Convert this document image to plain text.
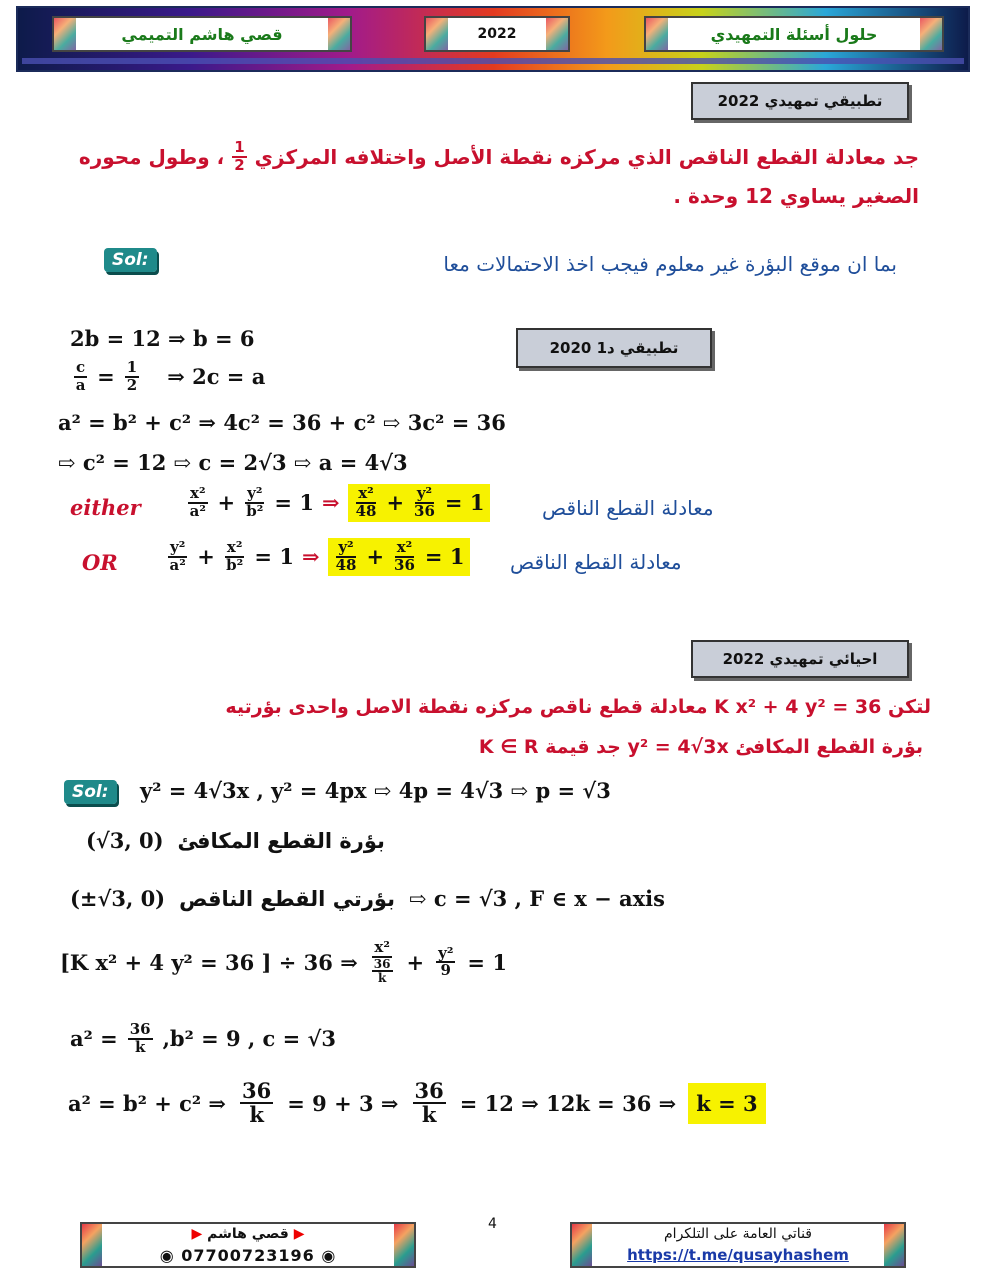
قصي هاشم التميمي	2022	حلول أسئلة التمهيدي
2022 تطبيقي تمهيدي
جد معادلة القطع الناقص الذي مركزه نقطة الأصل واختلافه المركزي
$\frac{1}{2}$
، وطول محوره
الصغير يساوي 12 وحدة .
Sol:	بما ان موقع البؤرة غير معلوم فيجب اخذ الاحتمالات معا
2020 تطبيقي د1
2b = 12 ⇒ b = 6
$\frac{c}{a} = \frac{1}{2}$ ⇒ 2c = a
a² = b² + c² ⇒ 4c² = 36 + c² ⇨ 3c² = 36
⇨ c² = 12 ⇨ c = 2√3 ⇨ a = 4√3
either	$\frac{\text{x²}}{\text{a²}} + \frac{\text{y²}}{\text{b²}} = 1$ ⇒ $\frac{\text{x²}}{48} + \frac{\text{y²}}{36} = 1$	معادلة القطع الناقص
OR	$\frac{\text{y²}}{\text{a²}} + \frac{\text{x²}}{\text{b²}} = 1$ ⇒ $\frac{\text{y²}}{48} + \frac{\text{x²}}{36} = 1$ معادلة القطع الناقص
2022 احيائي تمهيدي
لتكن K x² + 4 y² = 36 معادلة قطع ناقص مركزه نقطة الاصل واحدى بؤرتيه
بؤرة القطع المكافئ y² = 4√3x جد قيمة K ∈ R
Sol:	y² = 4√3x , y² = 4px ⇨ 4p = 4√3 ⇨ p = √3
(√3, 0) بؤرة القطع المكافئ
(±√3, 0) بؤرتي القطع الناقص ⇨ c = √3 , F ∈ x − axis
[K x² + 4 y² = 36 ] ÷ 36 ⇒ $\frac{\text{x²}}{\frac{36}{k}} + \frac{\text{y²}}{9} = 1$
$a^2 = \frac{36}{k} ,b^2 = 9$ , c = √3
a² = b² + c² ⇒ $\frac{36}{k} = 9 + 3$ ⇒ $\frac{36}{k} = 12$ ⇒ 12k = 36 ⇒ k = 3
▶ قصي هاشم ▶
◉ 07700723196 ◉
4
قناتي العامة على التلكرام
https://t.me/qusayhashem
